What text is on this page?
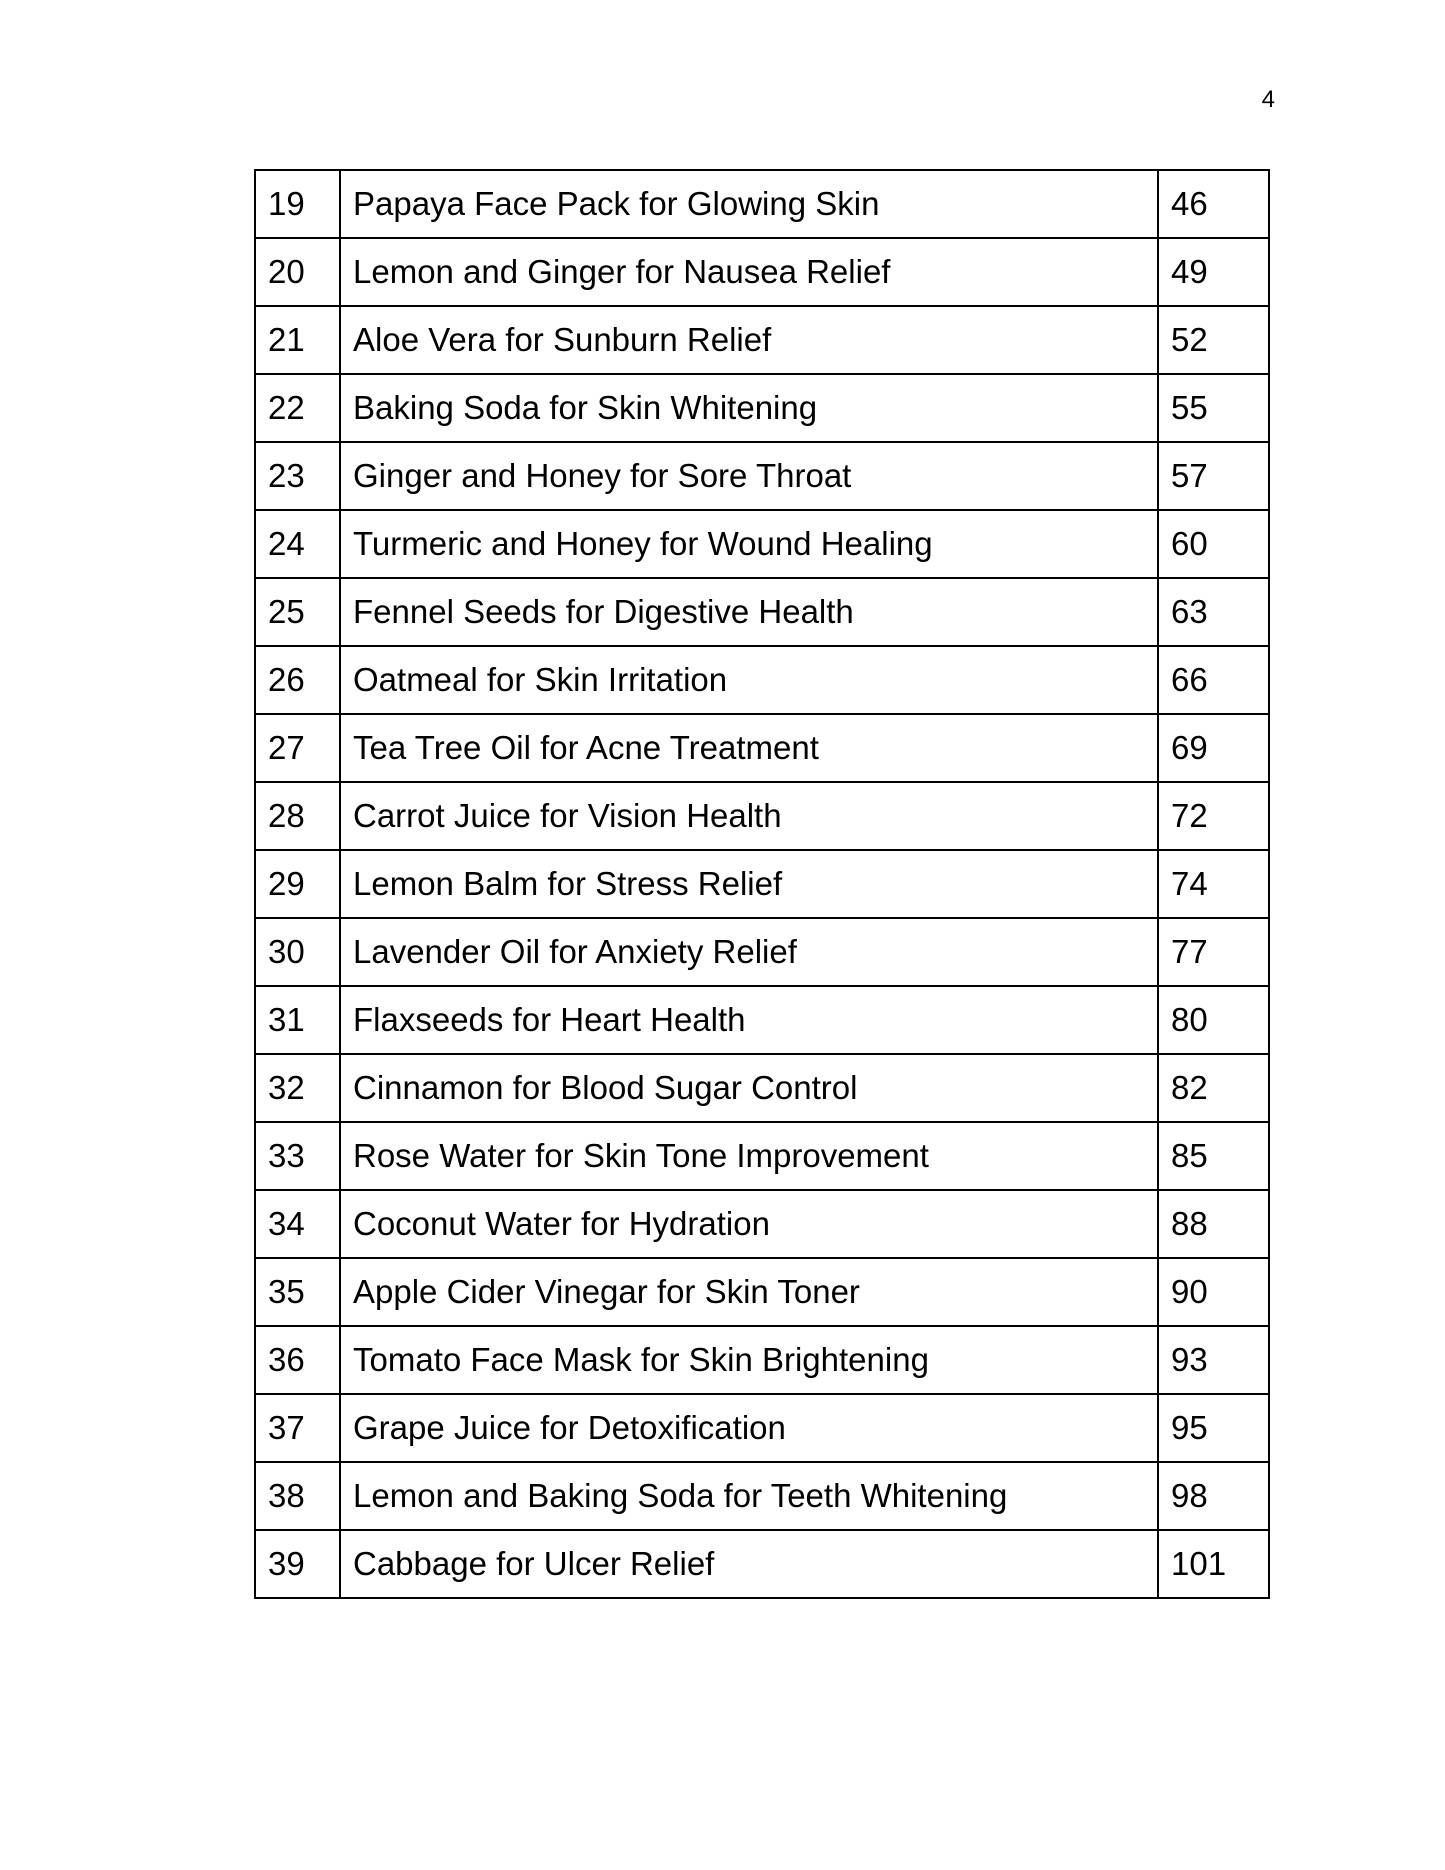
4
19	Papaya Face Pack for Glowing Skin	46
20	Lemon and Ginger for Nausea Relief	49
21	Aloe Vera for Sunburn Relief	52
22	Baking Soda for Skin Whitening	55
23	Ginger and Honey for Sore Throat	57
24	Turmeric and Honey for Wound Healing	60
25	Fennel Seeds for Digestive Health	63
26	Oatmeal for Skin Irritation	66
27	Tea Tree Oil for Acne Treatment	69
28	Carrot Juice for Vision Health	72
29	Lemon Balm for Stress Relief	74
30	Lavender Oil for Anxiety Relief	77
31	Flaxseeds for Heart Health	80
32	Cinnamon for Blood Sugar Control	82
33	Rose Water for Skin Tone Improvement	85
34	Coconut Water for Hydration	88
35	Apple Cider Vinegar for Skin Toner	90
36	Tomato Face Mask for Skin Brightening	93
37	Grape Juice for Detoxification	95
38	Lemon and Baking Soda for Teeth Whitening	98
39	Cabbage for Ulcer Relief	101
